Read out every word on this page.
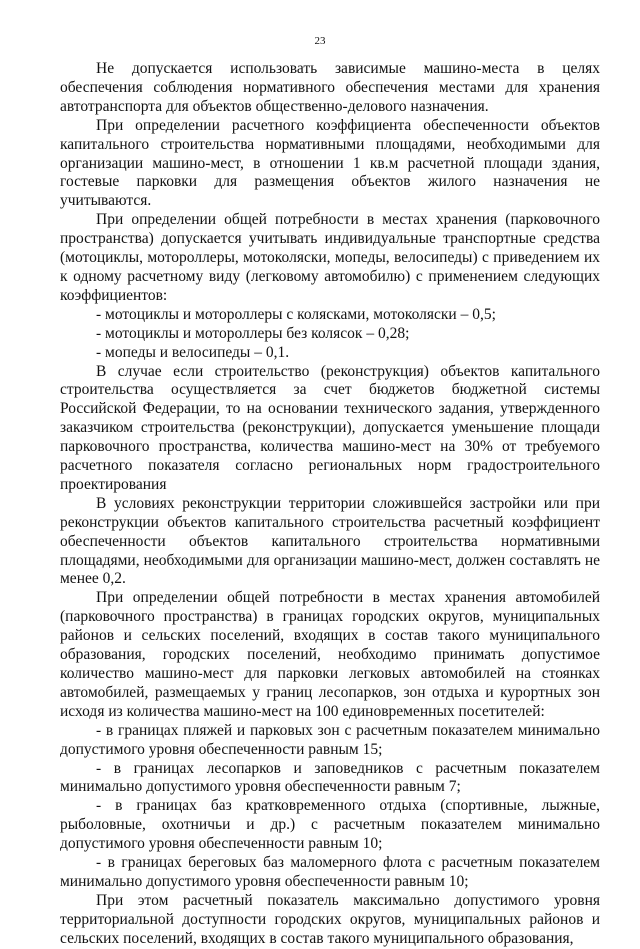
23

Не допускается использовать зависимые машино-места в целях обеспечения соблюдения нормативного обеспечения местами для хранения автотранспорта для объектов общественно-делового назначения.

При определении расчетного коэффициента обеспеченности объектов капитального строительства нормативными площадями, необходимыми для организации машино-мест, в отношении 1 кв.м расчетной площади здания, гостевые парковки для размещения объектов жилого назначения не учитываются.

При определении общей потребности в местах хранения (парковочного пространства) допускается учитывать индивидуальные транспортные средства (мотоциклы, мотороллеры, мотоколяски, мопеды, велосипеды) с приведением их к одному расчетному виду (легковому автомобилю) с применением следующих коэффициентов:

- мотоциклы и мотороллеры с колясками, мотоколяски – 0,5;

- мотоциклы и мотороллеры без колясок – 0,28;

- мопеды и велосипеды – 0,1.

В случае если строительство (реконструкция) объектов капитального строительства осуществляется за счет бюджетов бюджетной системы Российской Федерации, то на основании технического задания, утвержденного заказчиком строительства (реконструкции), допускается уменьшение площади парковочного пространства, количества машино-мест на 30% от требуемого расчетного показателя согласно региональных норм градостроительного проектирования

В условиях реконструкции территории сложившейся застройки или при реконструкции объектов капитального строительства расчетный коэффициент обеспеченности объектов капитального строительства нормативными площадями, необходимыми для организации машино-мест, должен составлять не менее 0,2.

При определении общей потребности в местах хранения автомобилей (парковочного пространства) в границах городских округов, муниципальных районов и сельских поселений, входящих в состав такого муниципального образования, городских поселений, необходимо принимать допустимое количество машино-мест для парковки легковых автомобилей на стоянках автомобилей, размещаемых у границ лесопарков, зон отдыха и курортных зон исходя из количества машино-мест на 100 единовременных посетителей:

- в границах пляжей и парковых зон с расчетным показателем минимально допустимого уровня обеспеченности равным 15;

- в границах лесопарков и заповедников с расчетным показателем минимально допустимого уровня обеспеченности равным 7;

- в границах баз кратковременного отдыха (спортивные, лыжные, рыболовные, охотничьи и др.) с расчетным показателем минимально допустимого уровня обеспеченности равным 10;

- в границах береговых баз маломерного флота с расчетным показателем минимально допустимого уровня обеспеченности равным 10;

При этом расчетный показатель максимально допустимого уровня территориальной доступности городских округов, муниципальных районов и сельских поселений, входящих в состав такого муниципального образования,
